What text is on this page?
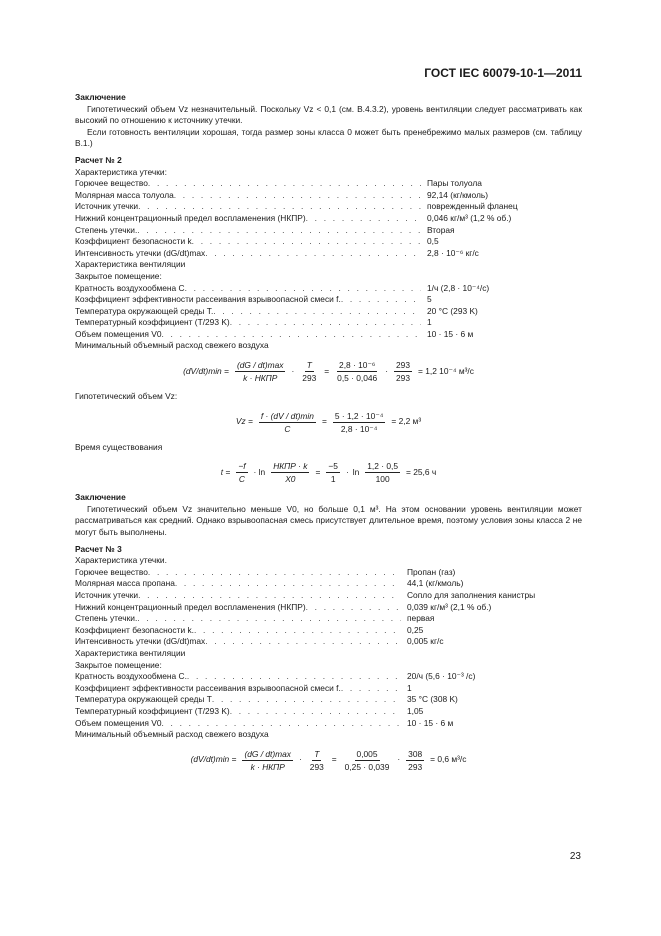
ГОСТ IEC 60079-10-1—2011
Заключение
Гипотетический объем Vz незначительный. Поскольку Vz < 0,1 (см. В.4.3.2), уровень вентиляции следует рассматривать как высокий по отношению к источнику утечки.
Если готовность вентиляции хорошая, тогда размер зоны класса 0 может быть пренебрежимо малых размеров (см. таблицу В.1.)
Расчет № 2
Характеристика утечки:
Горючее вещество . . .	Пары толуола
Молярная масса толуола . . .	92,14 (кг/кмоль)
Источник утечки . . .	поврежденный фланец
Нижний концентрационный предел воспламенения (НКПР) . . .	0,046 кг/м³ (1,2 % об.)
Степень утечки. . . .	Вторая
Коэффициент безопасности k . . .	0,5
Интенсивность утечки (dG/dt)max . . .	2,8 · 10⁻⁶ кг/с
Характеристика вентиляции
Закрытое помещение:
Кратность воздухообмена C . . .	1/ч (2,8 · 10⁻⁴/с)
Коэффициент эффективности рассеивания взрывоопасной смеси f. . . .	5
Температура окружающей среды T. . . .	20 °C (293 K)
Температурный коэффициент (T/293 K) . . .	1
Объем помещения V0 . . .	10 · 15 · 6 м
Минимальный объемный расход свежего воздуха
$(dV/dt)\min = \frac{(dG / dt)\max}{\text{k · НКПР}} \cdot \frac{T}{293} = \frac{\text{2,8 · 10⁻⁶}}{0,5 \cdot 0,046} \cdot \frac{293}{293} = 1,2$ 10⁻⁴ м³/с
Гипотетический объем Vz:
$Vz = \frac{f \cdot (dV / dt)\min}{C} = \frac{\text{5 · 1,2 · 10⁻⁴}}{\text{2,8 · 10⁻⁴}} = 2,2$ м³
Время существования
$t = \frac{-f}{C} \cdot \ln \frac{\text{НКПР · k}}{X0} = \frac{-5}{1} \cdot \ln \frac{1,2 \cdot 0,5}{100} = 25,6$ ч
Заключение
Гипотетический объем Vz значительно меньше V0, но больше 0,1 м³. На этом основании уровень вентиляции может рассматриваться как средний. Однако взрывоопасная смесь присутствует длительное время, поэтому условия зоны класса 2 не могут быть выполнены.
Расчет № 3
Характеристика утечки.
Горючее вещество . . .	Пропан (газ)
Молярная масса пропана . . .	44,1 (кг/кмоль)
Источник утечки . . .	Сопло для заполнения канистры
Нижний концентрационный предел воспламенения (НКПР) . . .	0,039 кг/м³ (2,1 % об.)
Степень утечки. . . .	первая
Коэффициент безопасности k. . . .	0,25
Интенсивность утечки (dG/dt)max . . .	0,005 кг/с
Характеристика вентиляции
Закрытое помещение:
Кратность воздухообмена C. . . .	20/ч (5,6 · 10⁻³ /с)
Коэффициент эффективности рассеивания взрывоопасной смеси f. . . .	1
Температура окружающей среды T . . .	35 °C (308 K)
Температурный коэффициент (T/293 K) . . .	1,05
Объем помещения V0 . . .	10 · 15 · 6 м
Минимальный объемный расход свежего воздуха
$(dV/dt)\min = \frac{(dG / dt)\max}{\text{k · НКПР}} \cdot \frac{T}{293} = \frac{0,005}{0,25 \cdot 0,039} \cdot \frac{308}{293} = 0,6$ м³/с
23
